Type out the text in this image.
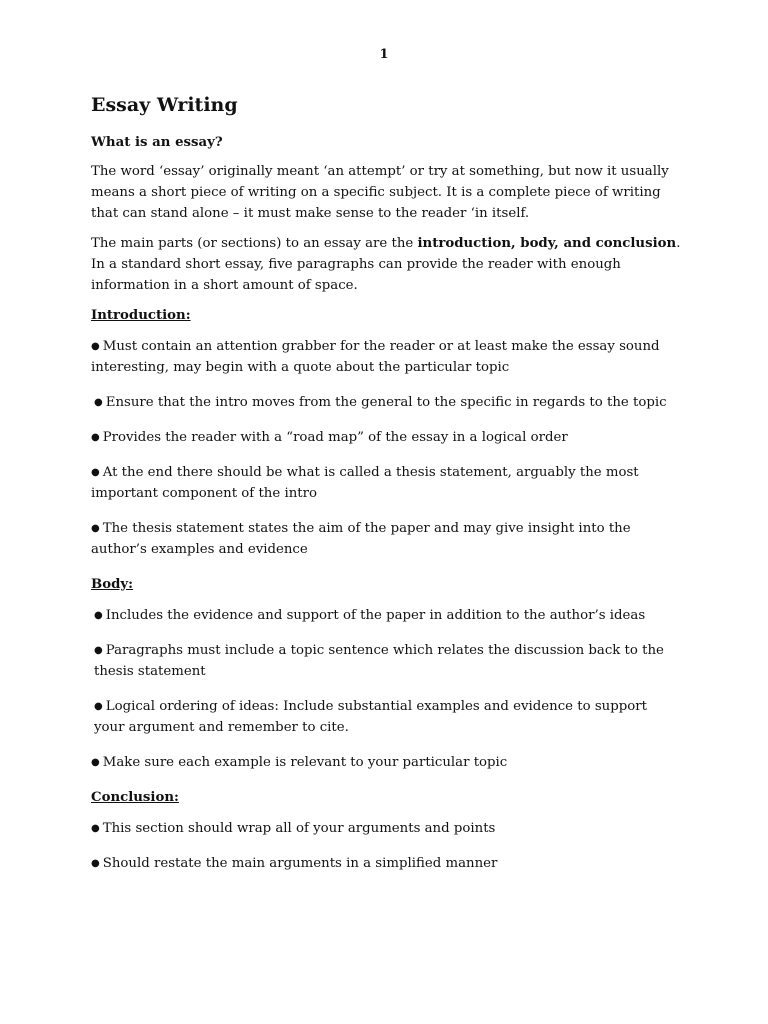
1
Essay Writing
What is an essay?

The word ‘essay’ originally meant ‘an attempt’ or try at something, but now it usually means a short piece of writing on a specific subject. It is a complete piece of writing that can stand alone – it must make sense to the reader ‘in itself.

The main parts (or sections) to an essay are the introduction, body, and conclusion. In a standard short essay, five paragraphs can provide the reader with enough information in a short amount of space.

Introduction:
● Must contain an attention grabber for the reader or at least make the essay sound interesting, may begin with a quote about the particular topic
● Ensure that the intro moves from the general to the specific in regards to the topic
● Provides the reader with a “road map” of the essay in a logical order
● At the end there should be what is called a thesis statement, arguably the most important component of the intro
● The thesis statement states the aim of the paper and may give insight into the author’s examples and evidence
Body:
● Includes the evidence and support of the paper in addition to the author’s ideas
● Paragraphs must include a topic sentence which relates the discussion back to the thesis statement
● Logical ordering of ideas: Include substantial examples and evidence to support your argument and remember to cite.
● Make sure each example is relevant to your particular topic
Conclusion:
● This section should wrap all of your arguments and points
● Should restate the main arguments in a simplified manner
